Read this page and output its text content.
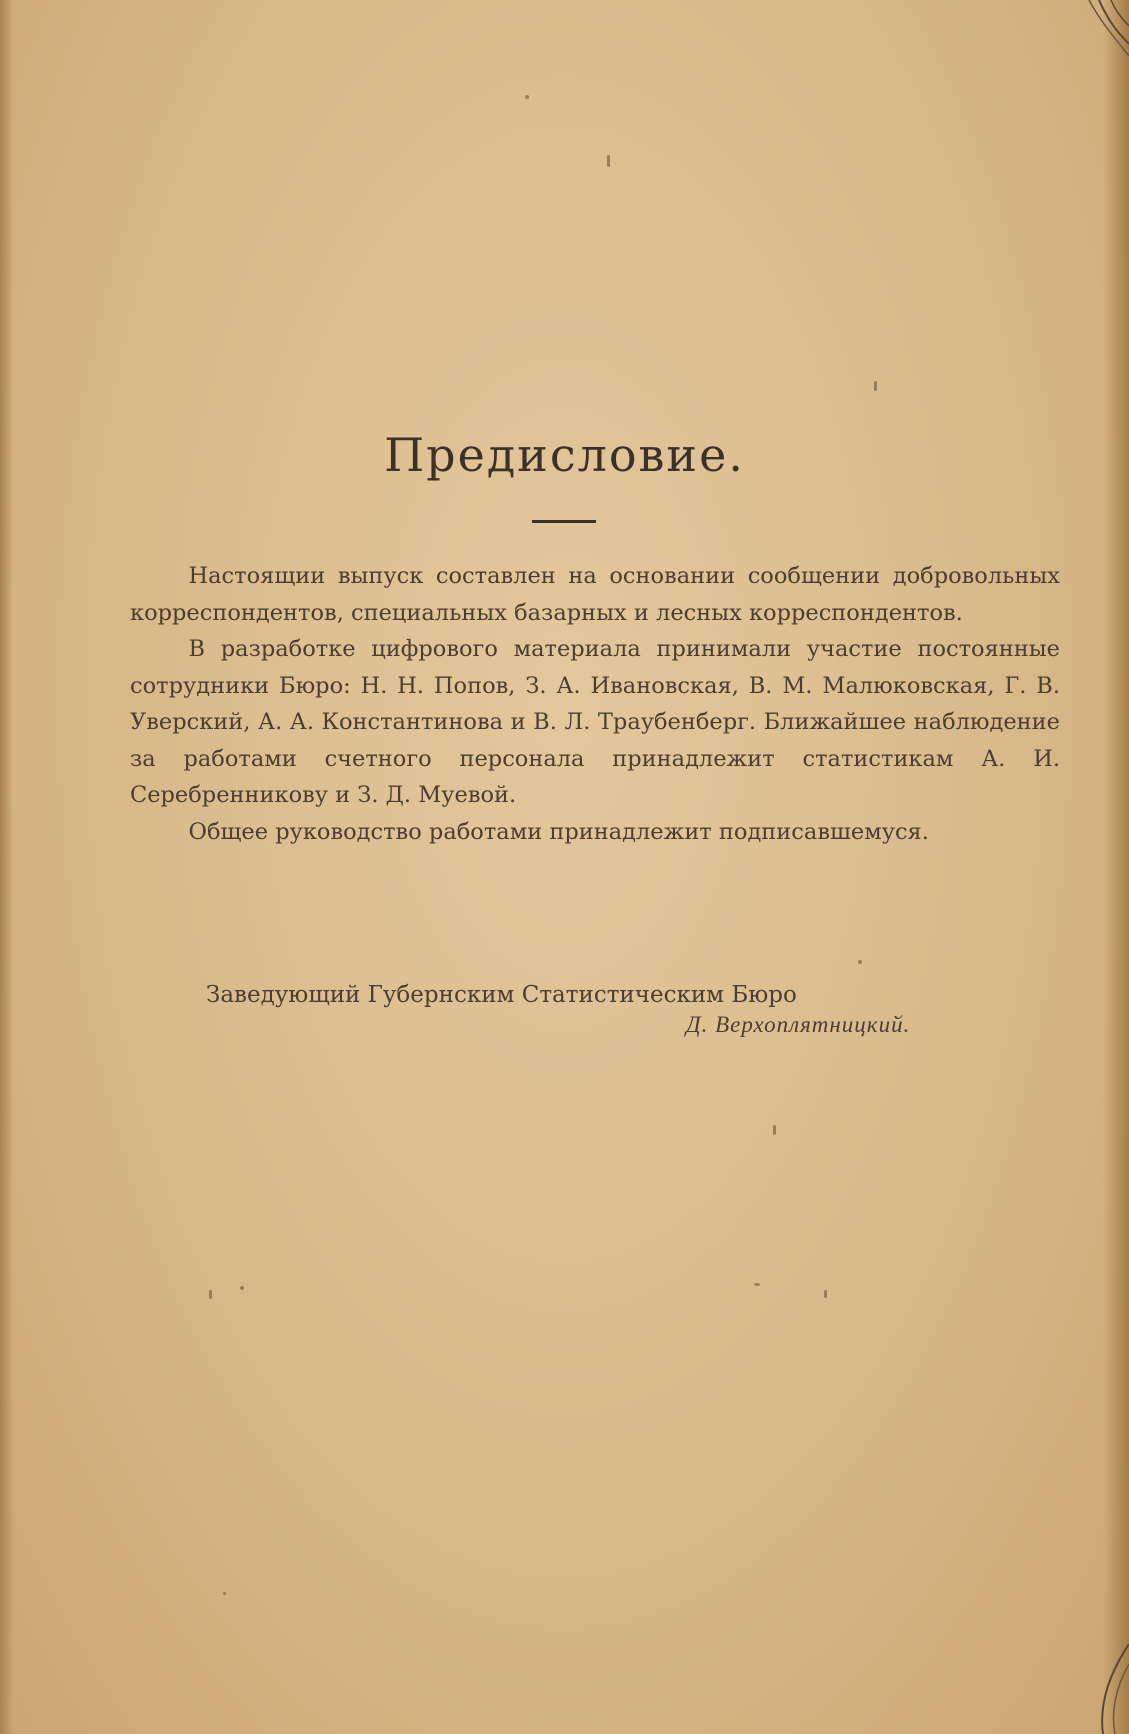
Предисловие.

Настоящии выпуск составлен на основании сообщении добровольных корреспондентов, специальных базарных и лесных корреспондентов.

В разработке цифрового материала принимали участие постоянные сотрудники Бюро: Н. Н. Попов, З. А. Ивановская, В. М. Малюковская, Г. В. Уверский, А. А. Константинова и В. Л. Траубенберг. Ближайшее наблюдение за работами счетного персонала принадлежит статистикам А. И. Серебренникову и З. Д. Муевой.

Общее руководство работами принадлежит подписавшемуся.

Заведующий Губернским Статистическим Бюро
Д. Верхоплятницкий.
